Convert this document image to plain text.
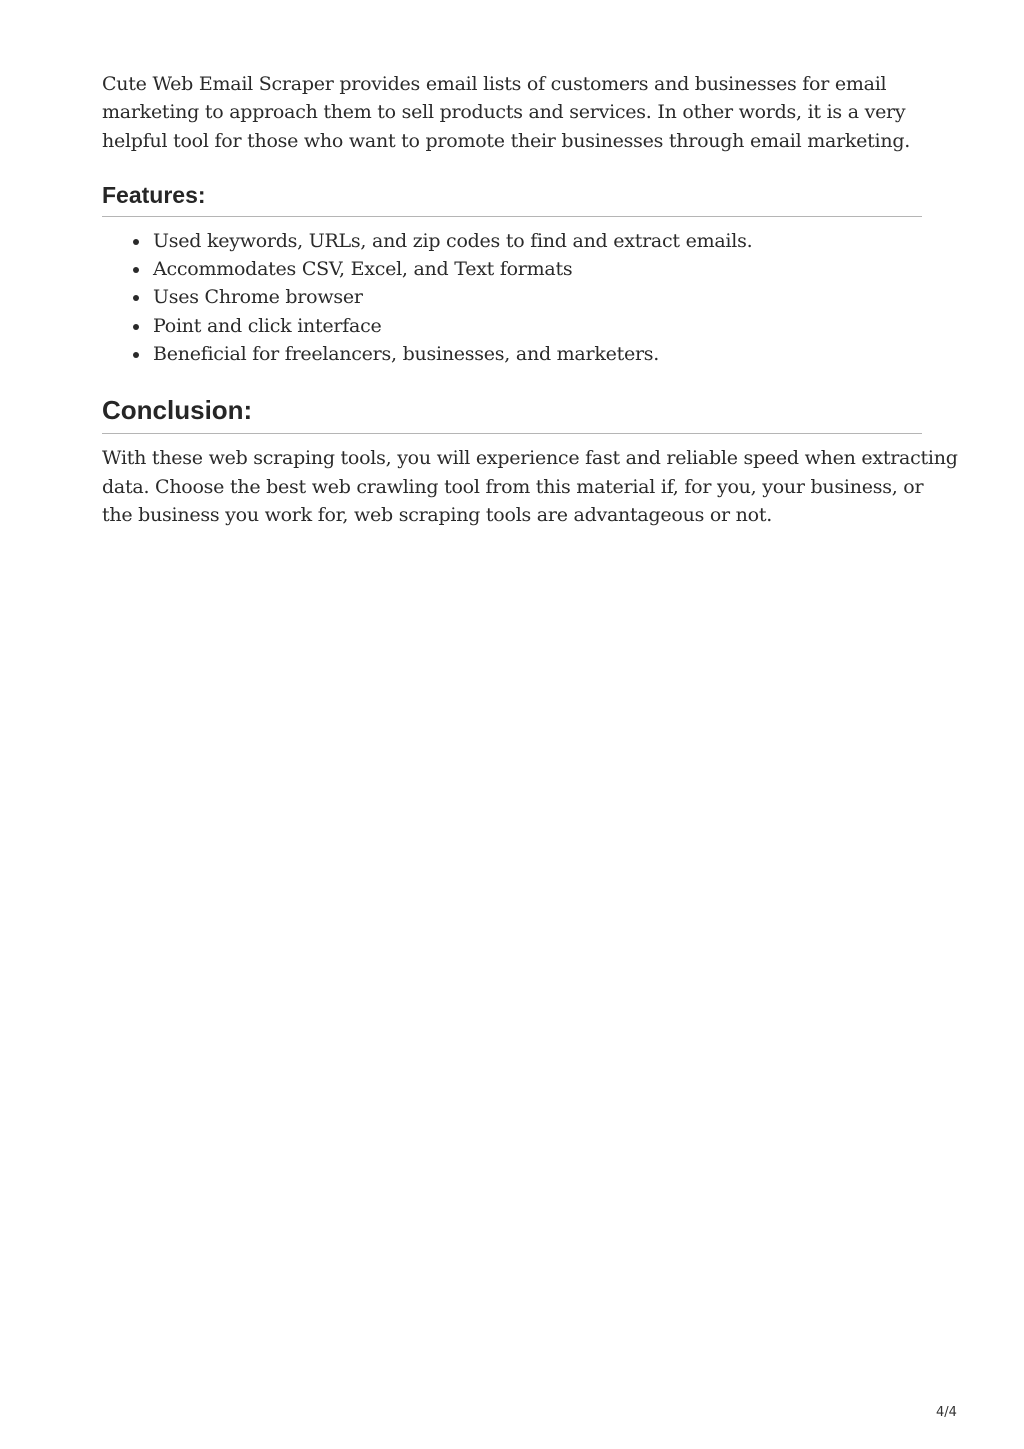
Cute Web Email Scraper provides email lists of customers and businesses for email
marketing to approach them to sell products and services. In other words, it is a very
helpful tool for those who want to promote their businesses through email marketing.

Features:
Used keywords, URLs, and zip codes to find and extract emails.
Accommodates CSV, Excel, and Text formats
Uses Chrome browser
Point and click interface
Beneficial for freelancers, businesses, and marketers.
Conclusion:

With these web scraping tools, you will experience fast and reliable speed when extracting
data. Choose the best web crawling tool from this material if, for you, your business, or
the business you work for, web scraping tools are advantageous or not.

4/4
